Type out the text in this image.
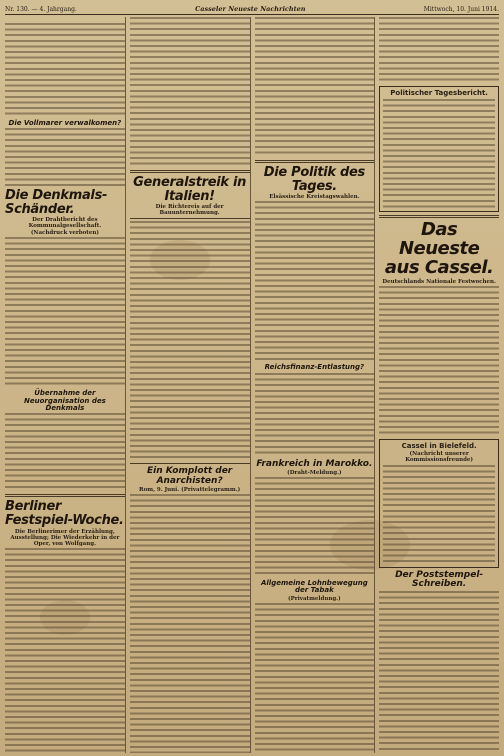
Nr. 130. — 4. Jahrgang.	Casseler Neueste Nachrichten	Mittwoch, 10. Juni 1914.

Die Vollmarer verwalkomen?
Die Denkmals-Schänder.
Der Drahtbericht des Kommunalgesellschaft.
(Nachdruck verboten)
Übernahme der Neuorganisation des Denkmals
Berliner Festspiel-Woche.
Die Berlinerimer der Erzählung, Ausstellung; Die Wiederkehr in der Oper, von Wolfgang.
Generalstreik in Italien!
Die Richtereis auf der Bauunternehmung.
Ein Komplott der Anarchisten?
Rom, 9. Juni. (Privattelegramm.)
Die Politik des Tages.
Elsässische Kreistagswahlen.
Reichsfinanz-Entlastung?
Frankreich in Marokko.
(Draht-Meldung.)
Allgemeine Lohnbewegung der Tabak
(Privatmeldung.)
Politischer Tagesbericht.
Das Neueste aus Cassel.
Deutschlands Nationale Festwochen.
Cassel in Bielefeld.
(Nachricht unserer Kommissionsfreunde)
Der Poststempel-Schreiben.
